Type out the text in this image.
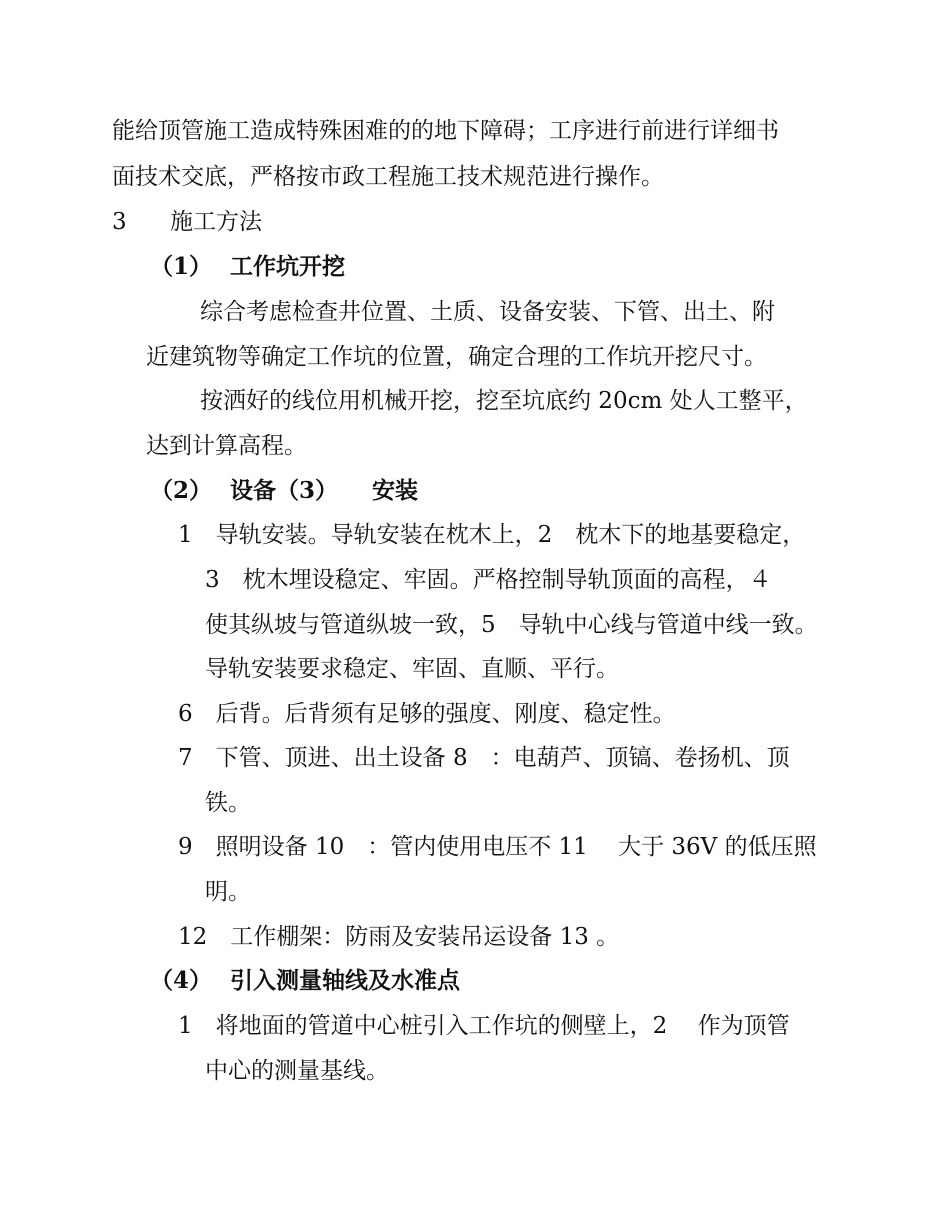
能给顶管施工造成特殊困难的的地下障碍；工序进行前进行详细书
面技术交底，严格按市政工程施工技术规范进行操作。
3 施工方法
（1） 工作坑开挖
综合考虑检查井位置、土质、设备安装、下管、出土、附
近建筑物等确定工作坑的位置，确定合理的工作坑开挖尺寸。
按洒好的线位用机械开挖，挖至坑底约 20cm 处人工整平，
达到计算高程。
（2） 设备（3） 安装
1　导轨安装。导轨安装在枕木上，2　枕木下的地基要稳定，
3　枕木埋设稳定、牢固。严格控制导轨顶面的高程，４
使其纵坡与管道纵坡一致，5　导轨中心线与管道中线一致。
导轨安装要求稳定、牢固、直顺、平行。
6　后背。后背须有足够的强度、刚度、稳定性。
7　下管、顶进、出土设备 8　：电葫芦、顶镐、卷扬机、顶
铁。
9　照明设备 10　：管内使用电压不 11　 大于 36V 的低压照
明。
12　工作棚架：防雨及安装吊运设备 13 。
（4） 引入测量轴线及水准点
1　将地面的管道中心桩引入工作坑的侧壁上，2　 作为顶管
中心的测量基线。
